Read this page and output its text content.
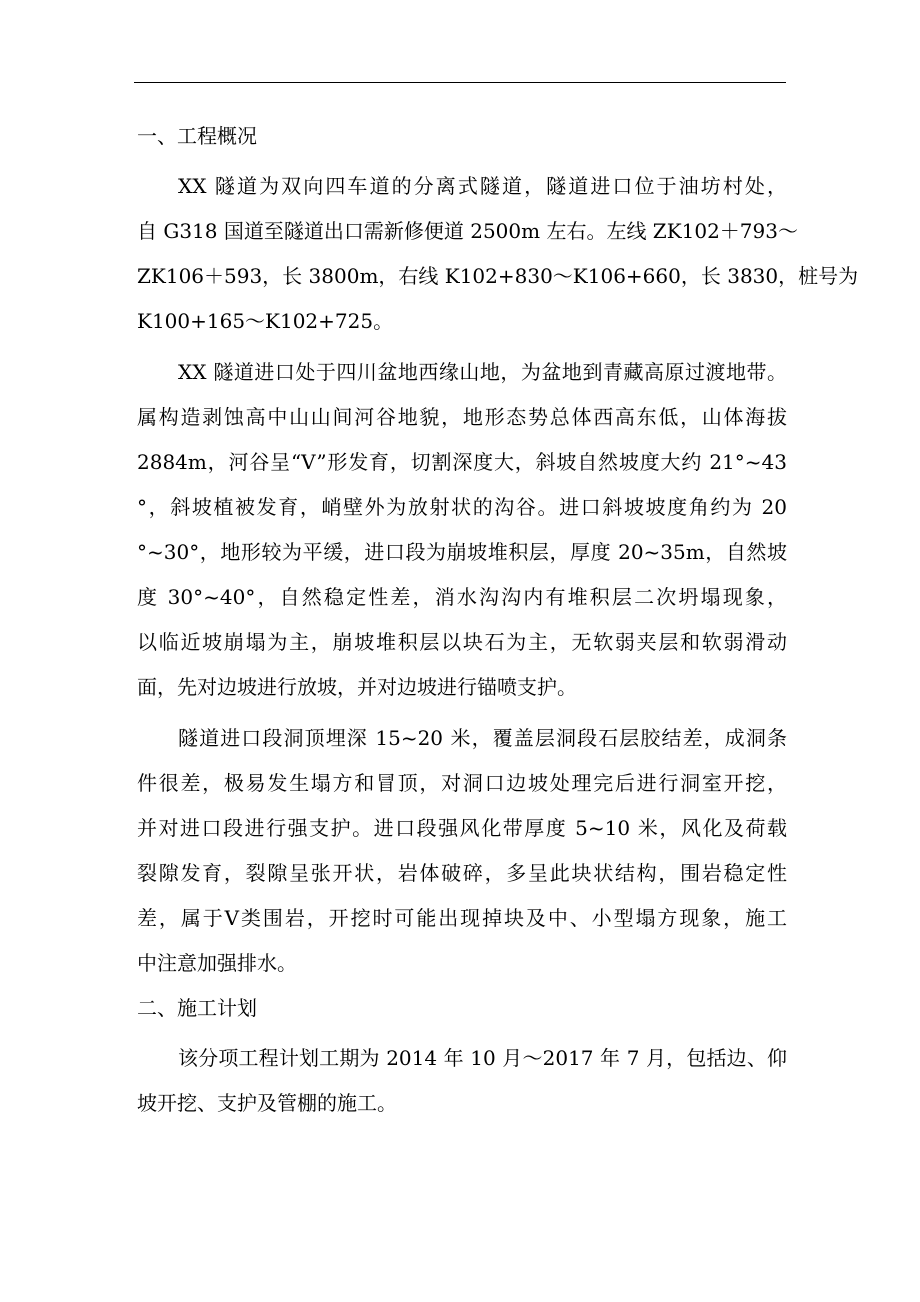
一、工程概况
XX 隧道为双向四车道的分离式隧道，隧道进口位于油坊村处，
自 G318 国道至隧道出口需新修便道 2500m 左右。左线 ZK102＋793～
ZK106＋593，长 3800m，右线 K102+830～K106+660，长 3830，桩号为
K100+165～K102+725。
XX 隧道进口处于四川盆地西缘山地，为盆地到青藏高原过渡地带。
属构造剥蚀高中山山间河谷地貌，地形态势总体西高东低，山体海拔
2884m，河谷呈“V”形发育，切割深度大，斜坡自然坡度大约 21°~43
°，斜坡植被发育，峭壁外为放射状的沟谷。进口斜坡坡度角约为 20
°~30°，地形较为平缓，进口段为崩坡堆积层，厚度 20~35m，自然坡
度 30°~40°，自然稳定性差，消水沟沟内有堆积层二次坍塌现象，
以临近坡崩塌为主，崩坡堆积层以块石为主，无软弱夹层和软弱滑动
面，先对边坡进行放坡，并对边坡进行锚喷支护。
隧道进口段洞顶埋深 15~20 米，覆盖层洞段石层胶结差，成洞条
件很差，极易发生塌方和冒顶，对洞口边坡处理完后进行洞室开挖，
并对进口段进行强支护。进口段强风化带厚度 5~10 米，风化及荷载
裂隙发育，裂隙呈张开状，岩体破碎，多呈此块状结构，围岩稳定性
差，属于Ⅴ类围岩，开挖时可能出现掉块及中、小型塌方现象，施工
中注意加强排水。
二、施工计划
该分项工程计划工期为 2014 年 10 月～2017 年 7 月，包括边、仰
坡开挖、支护及管棚的施工。
